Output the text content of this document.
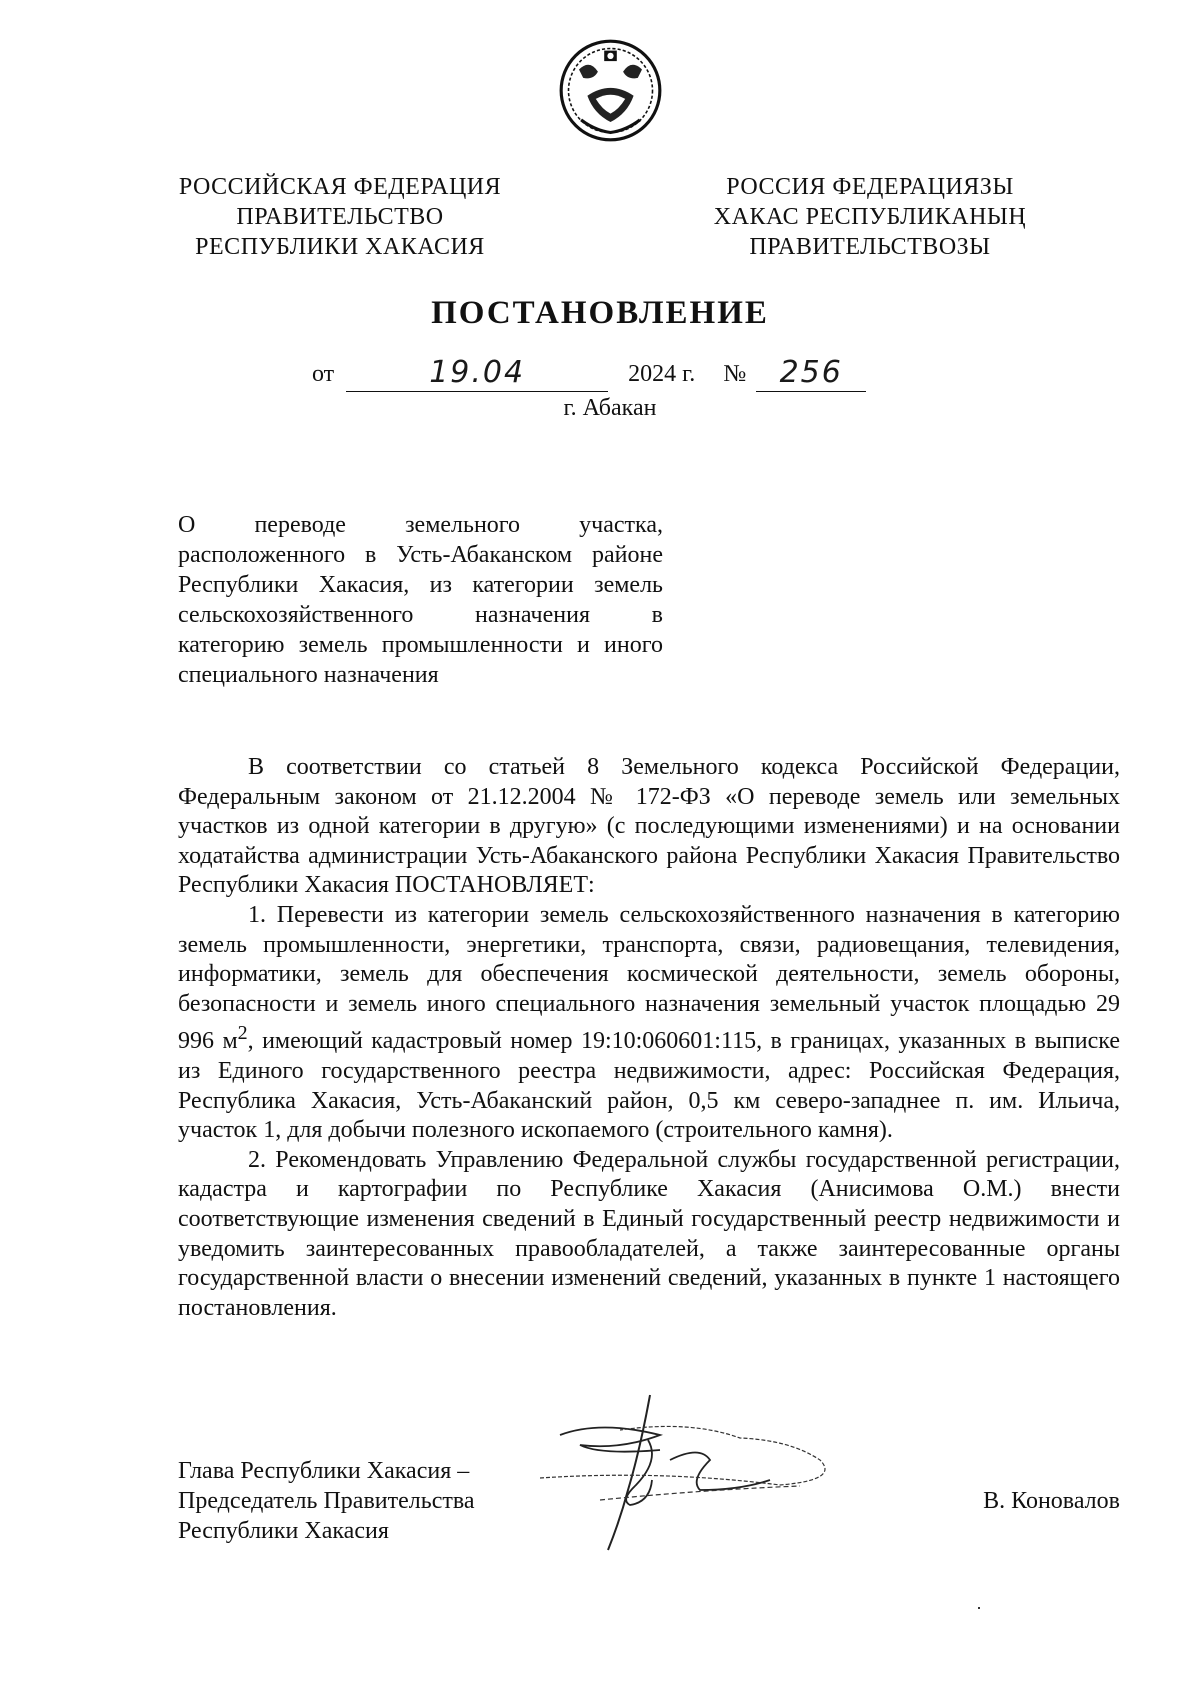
РОССИЙСКАЯ ФЕДЕРАЦИЯ
ПРАВИТЕЛЬСТВО
РЕСПУБЛИКИ ХАКАСИЯ
РОССИЯ ФЕДЕРАЦИЯЗЫ
ХАКАС РЕСПУБЛИКАНЫҢ
ПРАВИТЕЛЬСТВОЗЫ
ПОСТАНОВЛЕНИЕ
от	19.04	2024 г. № 256
г. Абакан
О переводе земельного участка, расположенного в Усть-Абаканском районе Республики Хакасия, из категории земель сельскохозяйственного назначения в категорию земель промышленности и иного специального назначения

В соответствии со статьей 8 Земельного кодекса Российской Федерации, Федеральным законом от 21.12.2004 № 172-ФЗ «О переводе земель или земельных участков из одной категории в другую» (с последующими изменениями) и на основании ходатайства администрации Усть-Абаканского района Республики Хакасия Правительство Республики Хакасия ПОСТАНОВЛЯЕТ:

1. Перевести из категории земель сельскохозяйственного назначения в категорию земель промышленности, энергетики, транспорта, связи, радиовещания, телевидения, информатики, земель для обеспечения космической деятельности, земель обороны, безопасности и земель иного специального назначения земельный участок площадью 29 996 $м^2$, имеющий кадастровый номер 19:10:060601:115, в границах, указанных в выписке из Единого государственного реестра недвижимости, адрес: Российская Федерация, Республика Хакасия, Усть-Абаканский район, 0,5 км северо-западнее п. им. Ильича, участок 1, для добычи полезного ископаемого (строительного камня).

2. Рекомендовать Управлению Федеральной службы государственной регистрации, кадастра и картографии по Республике Хакасия (Анисимова О.М.) внести соответствующие изменения сведений в Единый государственный реестр недвижимости и уведомить заинтересованных правообладателей, а также заинтересованные органы государственной власти о внесении изменений сведений, указанных в пункте 1 настоящего постановления.

Глава Республики Хакасия –
Председатель Правительства
Республики Хакасия
В. Коновалов
